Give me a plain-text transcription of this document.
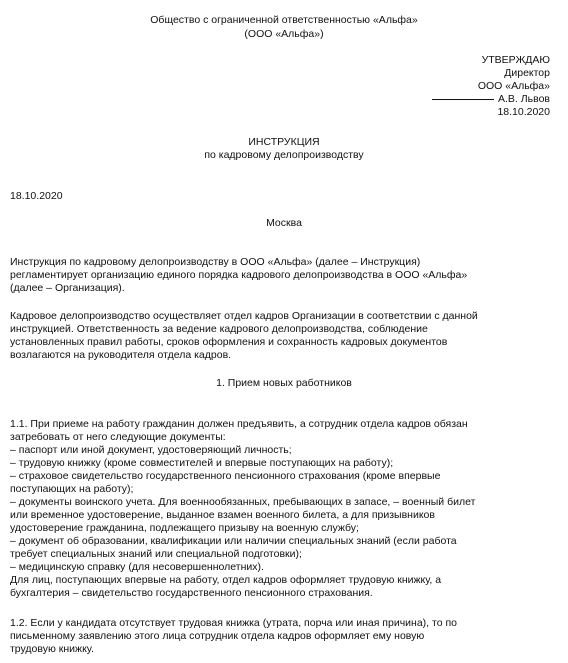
Общество с ограниченной ответственностью «Альфа»
(ООО «Альфа»)
УТВЕРЖДАЮ
Директор
ООО «Альфа»
А.В. Львов
18.10.2020
ИНСТРУКЦИЯ
по кадровому делопроизводству
18.10.2020
Москва
Инструкция по кадровому делопроизводству в ООО «Альфа» (далее – Инструкция)
регламентирует организацию единого порядка кадрового делопроизводства в ООО «Альфа»
(далее – Организация).
Кадровое делопроизводство осуществляет отдел кадров Организации в соответствии с данной
инструкцией. Ответственность за ведение кадрового делопроизводства, соблюдение
установленных правил работы, сроков оформления и сохранность кадровых документов
возлагаются на руководителя отдела кадров.
1. Прием новых работников
1.1. При приеме на работу гражданин должен предъявить, а сотрудник отдела кадров обязан
затребовать от него следующие документы:
– паспорт или иной документ, удостоверяющий личность;
– трудовую книжку (кроме совместителей и впервые поступающих на работу);
– страховое свидетельство государственного пенсионного страхования (кроме впервые
поступающих на работу);
– документы воинского учета. Для военнообязанных, пребывающих в запасе, – военный билет
или временное удостоверение, выданное взамен военного билета, а для призывников
удостоверение гражданина, подлежащего призыву на военную службу;
– документ об образовании, квалификации или наличии специальных знаний (если работа
требует специальных знаний или специальной подготовки);
– медицинскую справку (для несовершеннолетних).
Для лиц, поступающих впервые на работу, отдел кадров оформляет трудовую книжку, а
бухгалтерия – свидетельство государственного пенсионного страхования.
1.2. Если у кандидата отсутствует трудовая книжка (утрата, порча или иная причина), то по
письменному заявлению этого лица сотрудник отдела кадров оформляет ему новую
трудовую книжку.
